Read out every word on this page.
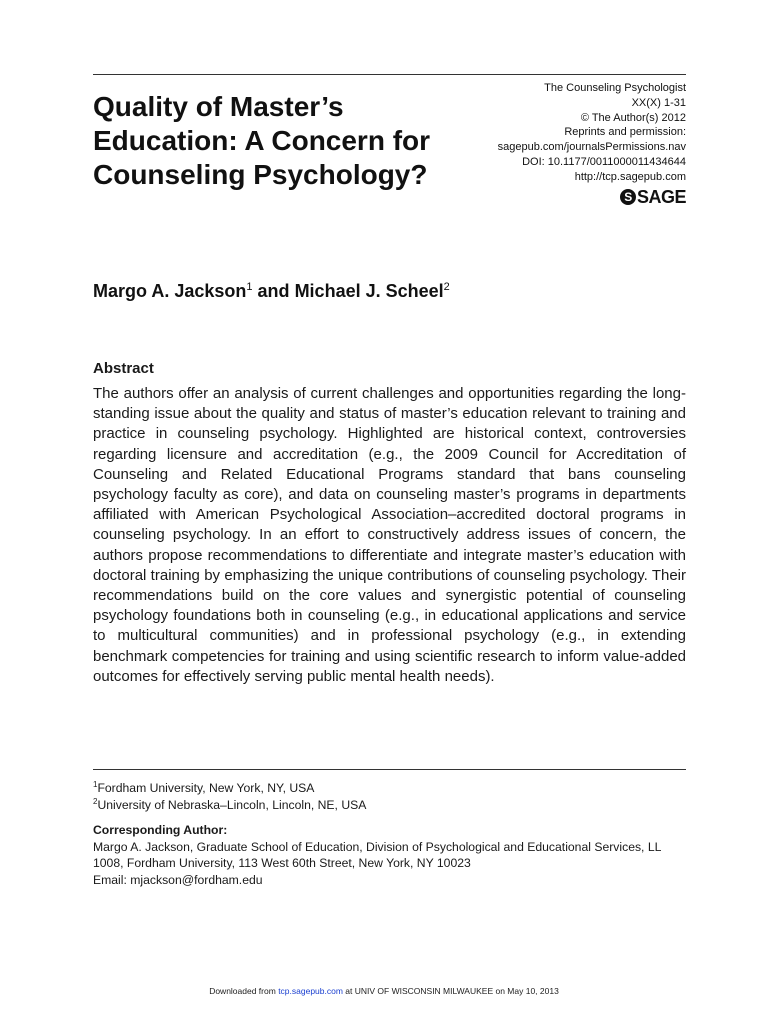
Quality of Master’s Education: A Concern for Counseling Psychology?
The Counseling Psychologist
XX(X) 1-31
© The Author(s) 2012
Reprints and permission:
sagepub.com/journalsPermissions.nav
DOI: 10.1177/0011000011434644
http://tcp.sagepub.com
S SAGE

Margo A. Jackson$^1$ and Michael J. Scheel$^2$

Abstract

The authors offer an analysis of current challenges and opportunities regarding the long-standing issue about the quality and status of master’s education relevant to training and practice in counseling psychology. Highlighted are historical context, controversies regarding licensure and accreditation (e.g., the 2009 Council for Accreditation of Counseling and Related Educational Programs standard that bans counseling psychology faculty as core), and data on counseling master’s programs in departments affiliated with American Psychological Association–accredited doctoral programs in counseling psychology. In an effort to constructively address issues of concern, the authors propose recommendations to differentiate and integrate master’s education with doctoral training by emphasizing the unique contributions of counseling psychology. Their recommendations build on the core values and synergistic potential of counseling psychology foundations both in counseling (e.g., in educational applications and service to multicultural communities) and in professional psychology (e.g., in extending benchmark competencies for training and using scientific research to inform value-added outcomes for effectively serving public mental health needs).

$^1$Fordham University, New York, NY, USA
$^2$University of Nebraska–Lincoln, Lincoln, NE, USA
Corresponding Author:
Margo A. Jackson, Graduate School of Education, Division of Psychological and Educational Services, LL 1008, Fordham University, 113 West 60th Street, New York, NY 10023
Email: mjackson@fordham.edu
Downloaded from tcp.sagepub.com at UNIV OF WISCONSIN MILWAUKEE on May 10, 2013
